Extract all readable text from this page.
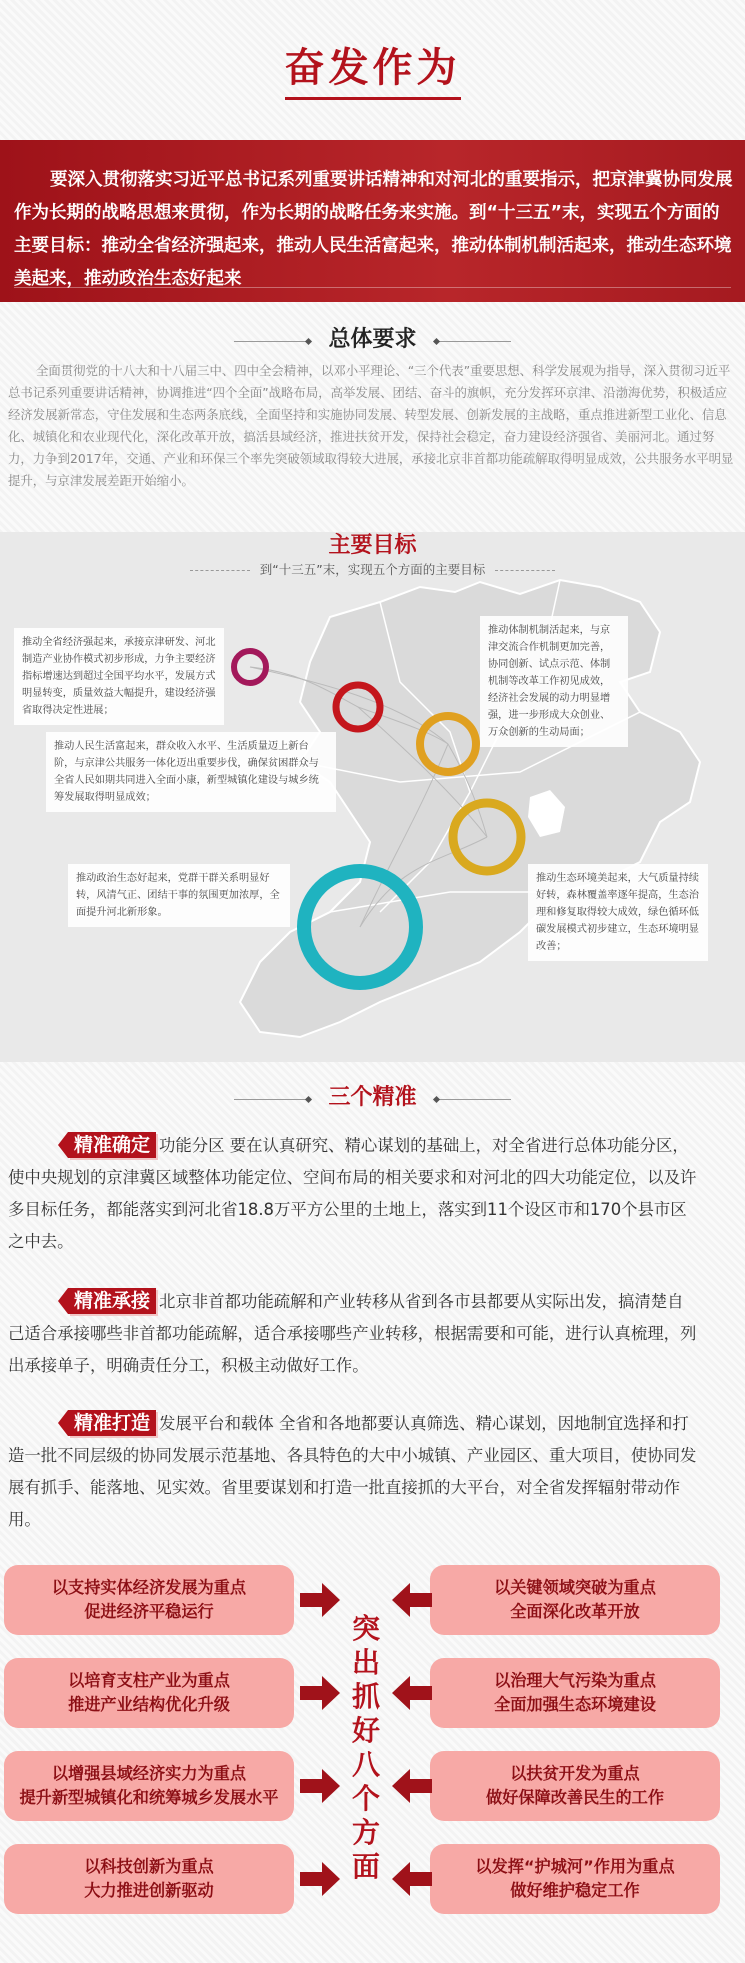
奋发作为

要深入贯彻落实习近平总书记系列重要讲话精神和对河北的重要指示，把京津冀协同发展作为长期的战略思想来贯彻，作为长期的战略任务来实施。到“十三五”末，实现五个方面的主要目标：推动全省经济强起来，推动人民生活富起来，推动体制机制活起来，推动生态环境美起来，推动政治生态好起来

总体要求

全面贯彻党的十八大和十八届三中、四中全会精神，以邓小平理论、“三个代表”重要思想、科学发展观为指导，深入贯彻习近平总书记系列重要讲话精神，协调推进“四个全面”战略布局，高举发展、团结、奋斗的旗帜，充分发挥环京津、沿渤海优势，积极适应经济发展新常态，守住发展和生态两条底线，全面坚持和实施协同发展、转型发展、创新发展的主战略，重点推进新型工业化、信息化、城镇化和农业现代化，深化改革开放，搞活县域经济，推进扶贫开发，保持社会稳定，奋力建设经济强省、美丽河北。通过努力，力争到2017年，交通、产业和环保三个率先突破领域取得较大进展，承接北京非首都功能疏解取得明显成效，公共服务水平明显提升，与京津发展差距开始缩小。

主要目标
到“十三五”末，实现五个方面的主要目标
推动全省经济强起来，承接京津研发、河北制造产业协作模式初步形成，力争主要经济指标增速达到超过全国平均水平，发展方式明显转变，质量效益大幅提升，建设经济强省取得决定性进展；
推动人民生活富起来，群众收入水平、生活质量迈上新台阶，与京津公共服务一体化迈出重要步伐，确保贫困群众与全省人民如期共同进入全面小康，新型城镇化建设与城乡统筹发展取得明显成效；
推动政治生态好起来，党群干群关系明显好转，风清气正、团结干事的氛围更加浓厚，全面提升河北新形象。
推动体制机制活起来，与京津交流合作机制更加完善，协同创新、试点示范、体制机制等改革工作初见成效，经济社会发展的动力明显增强，进一步形成大众创业、万众创新的生动局面；
推动生态环境美起来，大气质量持续好转，森林覆盖率逐年提高，生态治理和修复取得较大成效，绿色循环低碳发展模式初步建立，生态环境明显改善；
三个精准

精准确定 功能分区 要在认真研究、精心谋划的基础上，对全省进行总体功能分区，使中央规划的京津冀区域整体功能定位、空间布局的相关要求和对河北的四大功能定位，以及许多目标任务，都能落实到河北省18.8万平方公里的土地上，落实到11个设区市和170个县市区之中去。

精准承接 北京非首都功能疏解和产业转移从省到各市县都要从实际出发，搞清楚自己适合承接哪些非首都功能疏解，适合承接哪些产业转移，根据需要和可能，进行认真梳理，列出承接单子，明确责任分工，积极主动做好工作。

精准打造 发展平台和载体 全省和各地都要认真筛选、精心谋划，因地制宜选择和打造一批不同层级的协同发展示范基地、各具特色的大中小城镇、产业园区、重大项目，使协同发展有抓手、能落地、见实效。省里要谋划和打造一批直接抓的大平台，对全省发挥辐射带动作用。

以支持实体经济发展为重点
促进经济平稳运行
以培育支柱产业为重点
推进产业结构优化升级
以增强县域经济实力为重点
提升新型城镇化和统筹城乡发展水平
以科技创新为重点
大力推进创新驱动
以关键领域突破为重点
全面深化改革开放
以治理大气污染为重点
全面加强生态环境建设
以扶贫开发为重点
做好保障改善民生的工作
以发挥“护城河”作用为重点
做好维护稳定工作
突出抓好八个方面
